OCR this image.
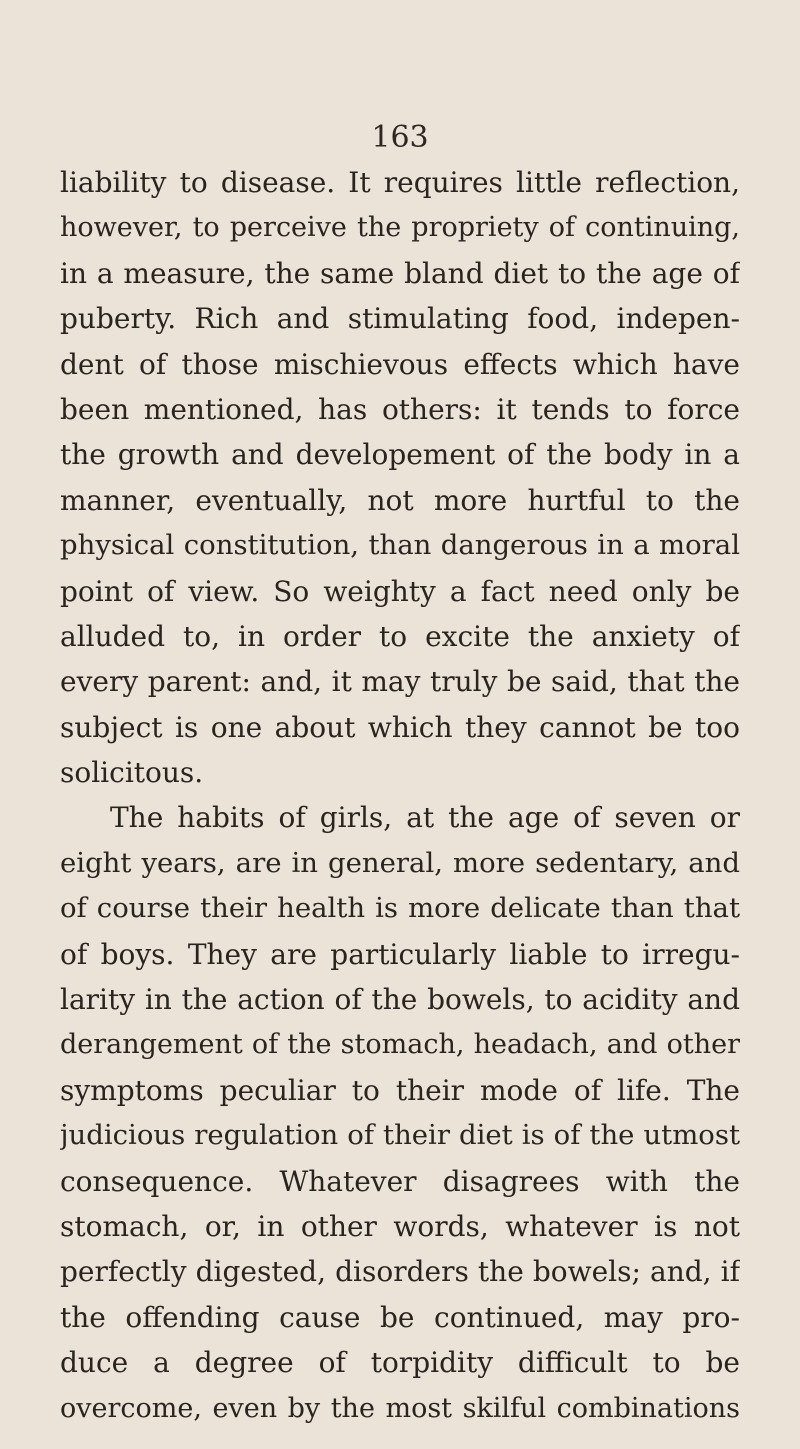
163
liability to disease. It requires little reflection,
however, to perceive the propriety of continuing,
in a measure, the same bland diet to the age of
puberty. Rich and stimulating food, indepen-
dent of those mischievous effects which have
been mentioned, has others: it tends to force
the growth and developement of the body in a
manner, eventually, not more hurtful to the
physical constitution, than dangerous in a moral
point of view. So weighty a fact need only be
alluded to, in order to excite the anxiety of
every parent: and, it may truly be said, that the
subject is one about which they cannot be too
solicitous.
The habits of girls, at the age of seven or
eight years, are in general, more sedentary, and
of course their health is more delicate than that
of boys. They are particularly liable to irregu-
larity in the action of the bowels, to acidity and
derangement of the stomach, headach, and other
symptoms peculiar to their mode of life. The
judicious regulation of their diet is of the utmost
consequence. Whatever disagrees with the
stomach, or, in other words, whatever is not
perfectly digested, disorders the bowels; and, if
the offending cause be continued, may pro-
duce a degree of torpidity difficult to be
overcome, even by the most skilful combinations
